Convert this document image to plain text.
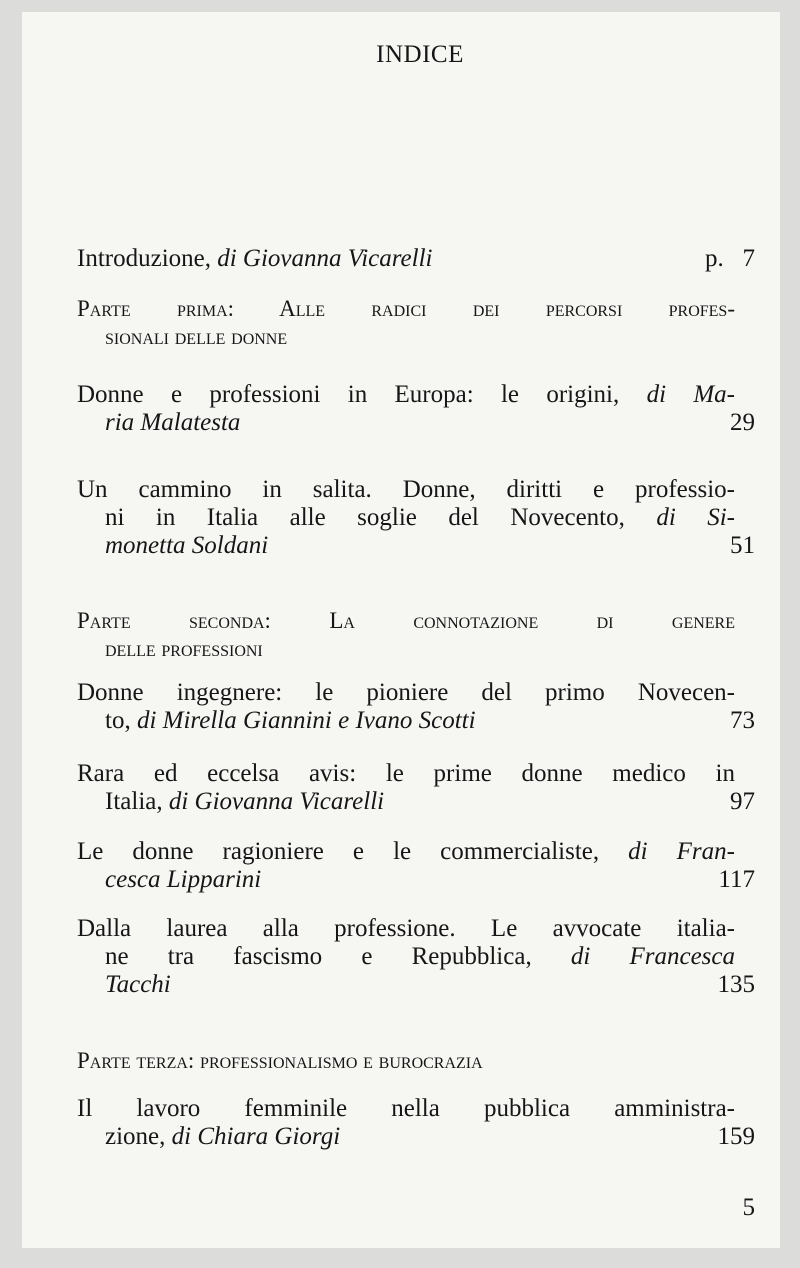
INDICE
Introduzione, di Giovanna Vicarelli	p.   7
Parte prima: Alle radici dei percorsi profes-
sionali delle donne
Donne e professioni in Europa: le origini, di Ma-
ria Malatesta	29
Un cammino in salita. Donne, diritti e professio-
ni in Italia alle soglie del Novecento, di Si-
monetta Soldani	51
Parte seconda: La connotazione di genere
delle professioni
Donne ingegnere: le pioniere del primo Novecen-
to, di Mirella Giannini e Ivano Scotti	73
Rara ed eccelsa avis: le prime donne medico in
Italia, di Giovanna Vicarelli	97
Le donne ragioniere e le commercialiste, di Fran-
cesca Lipparini	117
Dalla laurea alla professione. Le avvocate italia-
ne tra fascismo e Repubblica, di Francesca
Tacchi	135
Parte terza: professionalismo e burocrazia
Il lavoro femminile nella pubblica amministra-
zione, di Chiara Giorgi	159
5
